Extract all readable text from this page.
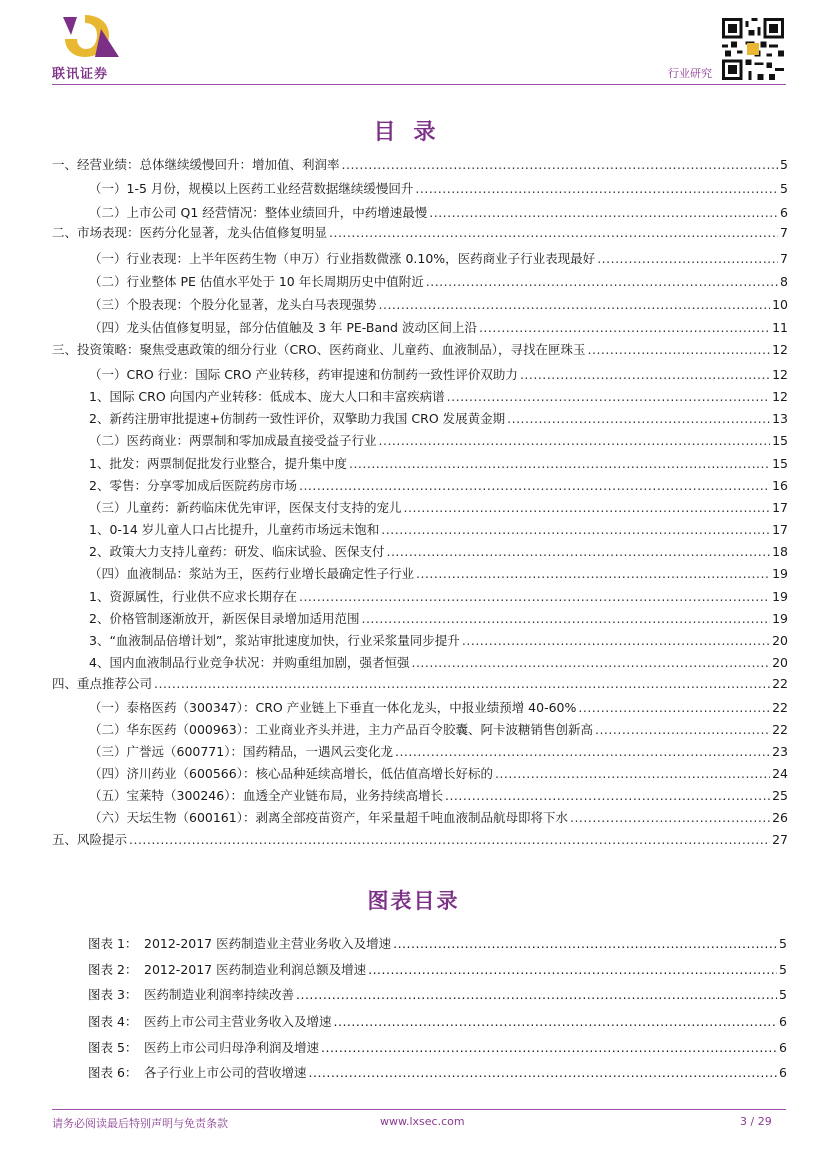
联讯证券	行业研究
目录
一、经营业绩：总体继续缓慢回升：增加值、利润率 .....	5
（一）1-5 月份，规模以上医药工业经营数据继续缓慢回升 .....	5
（二）上市公司 Q1 经营情况：整体业绩回升，中药增速最慢 .....	6
二、市场表现：医药分化显著，龙头估值修复明显 .....	7
（一）行业表现：上半年医药生物（申万）行业指数微涨 0.10%，医药商业子行业表现最好 .....	7
（二）行业整体 PE 估值水平处于 10 年长周期历史中值附近 .....	8
（三）个股表现：个股分化显著，龙头白马表现强势 .....	10
（四）龙头估值修复明显，部分估值触及 3 年 PE-Band 波动区间上沿 .....	11
三、投资策略：聚焦受惠政策的细分行业（CRO、医药商业、儿童药、血液制品），寻找在匣珠玉 .....	12
（一）CRO 行业：国际 CRO 产业转移，药审提速和仿制药一致性评价双助力 .....	12
1、国际 CRO 向国内产业转移：低成本、庞大人口和丰富疾病谱 .....	12
2、新药注册审批提速+仿制药一致性评价，双擎助力我国 CRO 发展黄金期 .....	13
（二）医药商业：两票制和零加成最直接受益子行业 .....	15
1、批发：两票制促批发行业整合，提升集中度 .....	15
2、零售：分享零加成后医院药房市场 .....	16
（三）儿童药：新药临床优先审评，医保支付支持的宠儿 .....	17
1、0-14 岁儿童人口占比提升，儿童药市场远未饱和 .....	17
2、政策大力支持儿童药：研发、临床试验、医保支付 .....	18
（四）血液制品：浆站为王，医药行业增长最确定性子行业 .....	19
1、资源属性，行业供不应求长期存在 .....	19
2、价格管制逐渐放开，新医保目录增加适用范围 .....	19
3、“血液制品倍增计划”，浆站审批速度加快，行业采浆量同步提升 .....	20
4、国内血液制品行业竞争状况：并购重组加剧，强者恒强 .....	20
四、重点推荐公司 .....	22
（一）泰格医药（300347）：CRO 产业链上下垂直一体化龙头，中报业绩预增 40-60% .....	22
（二）华东医药（000963）：工业商业齐头并进，主力产品百令胶囊、阿卡波糖销售创新高 .....	22
（三）广誉远（600771）：国药精品，一遇风云变化龙 .....	23
（四）济川药业（600566）：核心品种延续高增长，低估值高增长好标的 .....	24
（五）宝莱特（300246）：血透全产业链布局，业务持续高增长 .....	25
（六）天坛生物（600161）：剥离全部疫苗资产，年采量超千吨血液制品航母即将下水 .....	26
五、风险提示 .....	27
图表目录
图表 1： 2012-2017 医药制造业主营业务收入及增速 .....	5
图表 2： 2012-2017 医药制造业利润总额及增速 .....	5
图表 3： 医药制造业利润率持续改善 .....	5
图表 4： 医药上市公司主营业务收入及增速 .....	6
图表 5： 医药上市公司归母净利润及增速 .....	6
图表 6： 各子行业上市公司的营收增速 .....	6
请务必阅读最后特别声明与免责条款	www.lxsec.com	3 / 29
